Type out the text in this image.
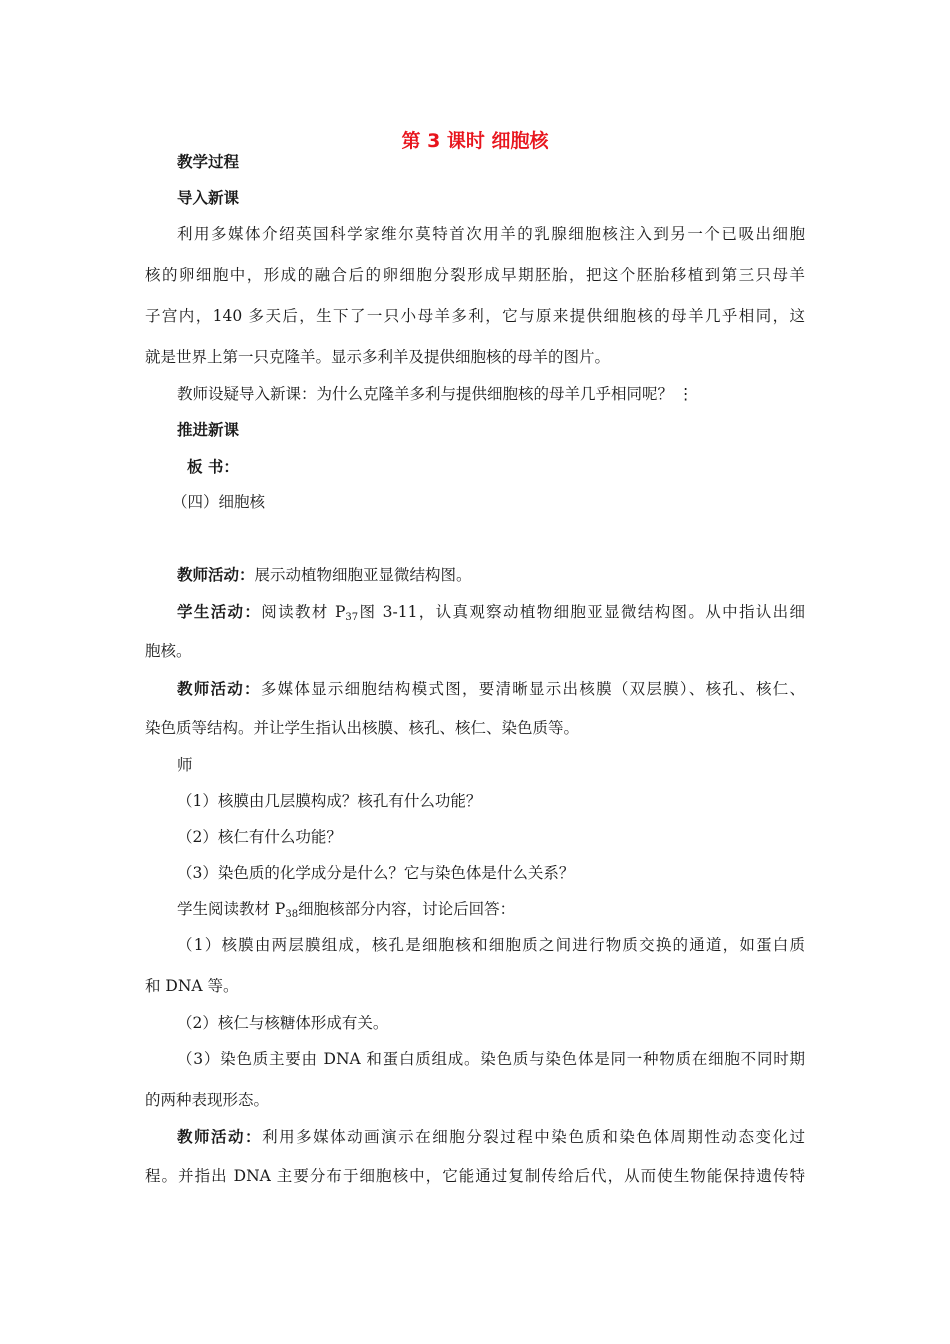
第 3 课时 细胞核
教学过程
导入新课
利用多媒体介绍英国科学家维尔莫特首次用羊的乳腺细胞核注入到另一个已吸出细胞
核的卵细胞中，形成的融合后的卵细胞分裂形成早期胚胎，把这个胚胎移植到第三只母羊
子宫内，140 多天后，生下了一只小母羊多利，它与原来提供细胞核的母羊几乎相同，这
就是世界上第一只克隆羊。显示多利羊及提供细胞核的母羊的图片。
教师设疑导入新课：为什么克隆羊多利与提供细胞核的母羊几乎相同呢？ ⋮
推进新课
板 书：
（四）细胞核
教师活动：展示动植物细胞亚显微结构图。
学生活动：阅读教材 $P_{37}$图 3-11，认真观察动植物细胞亚显微结构图。从中指认出细
胞核。
教师活动：多媒体显示细胞结构模式图，要清晰显示出核膜（双层膜）、核孔、核仁、
染色质等结构。并让学生指认出核膜、核孔、核仁、染色质等。
师
（1）核膜由几层膜构成？核孔有什么功能？
（2）核仁有什么功能？
（3）染色质的化学成分是什么？它与染色体是什么关系？
学生阅读教材 $P_{38}$细胞核部分内容，讨论后回答：
（1）核膜由两层膜组成，核孔是细胞核和细胞质之间进行物质交换的通道，如蛋白质
和 DNA 等。
（2）核仁与核糖体形成有关。
（3）染色质主要由 DNA 和蛋白质组成。染色质与染色体是同一种物质在细胞不同时期
的两种表现形态。
教师活动：利用多媒体动画演示在细胞分裂过程中染色质和染色体周期性动态变化过
程。并指出 DNA 主要分布于细胞核中，它能通过复制传给后代，从而使生物能保持遗传特
